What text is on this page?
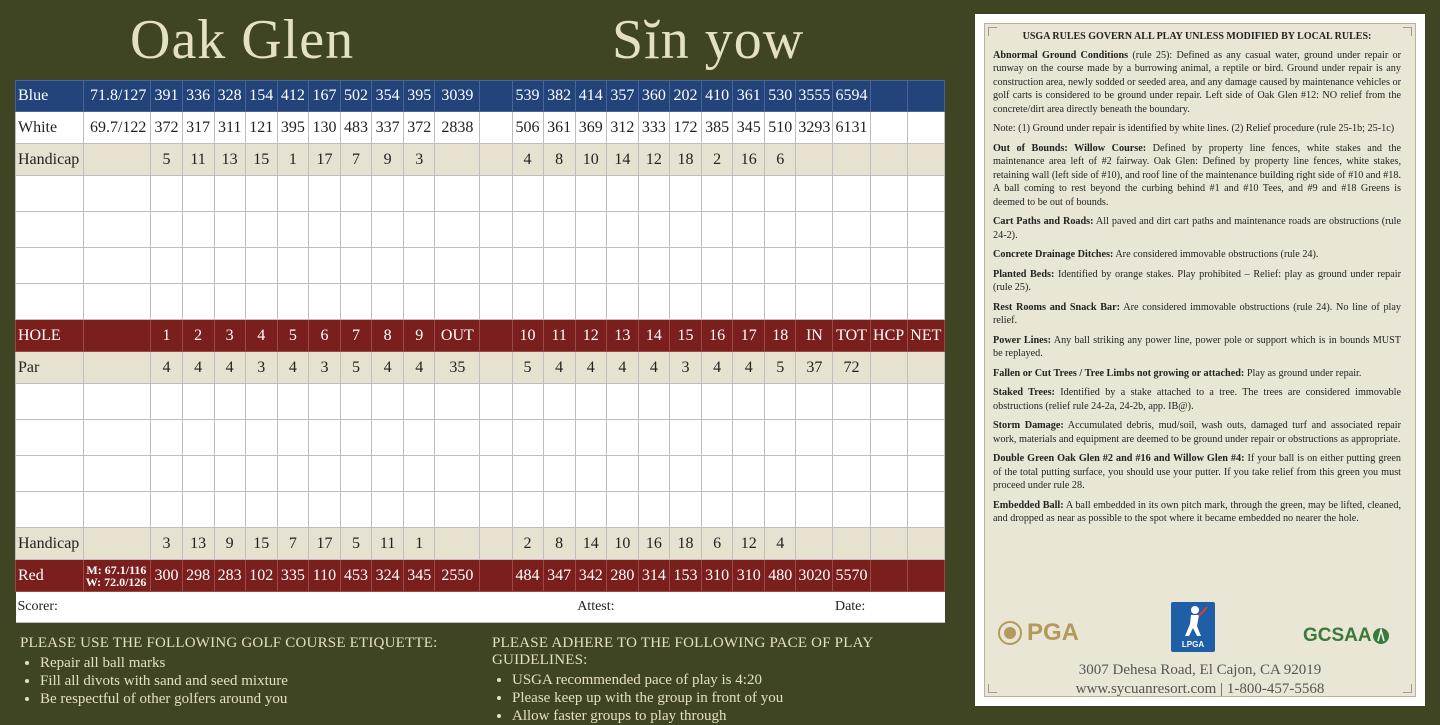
Oak Glen	Sĭn yow
Blue	71.8/127	391	336	328	154	412	167	502	354	395	3039		539	382	414	357	360	202	410	361	530	3555	6594		
White	69.7/122	372	317	311	121	395	130	483	337	372	2838		506	361	369	312	333	172	385	345	510	3293	6131		
Handicap		5	11	13	15	1	17	7	9	3			4	8	10	14	12	18	2	16	6				

HOLE		1	2	3	4	5	6	7	8	9	OUT		10	11	12	13	14	15	16	17	18	IN	TOT	HCP	NET
Par		4	4	4	3	4	3	5	4	4	35		5	4	4	4	4	3	4	4	5	37	72		

Handicap		3	13	9	15	7	17	5	11	1			2	8	14	10	16	18	6	12	4				
Red	M: 67.1/116
W: 72.0/126	300	298	283	102	335	110	453	324	345	2550		484	347	342	280	314	153	310	310	480	3020	5570		
Scorer:															Attest:								Date:		
PLEASE USE THE FOLLOWING GOLF COURSE ETIQUETTE:
• Repair all ball marks
• Fill all divots with sand and seed mixture
• Be respectful of other golfers around you
PLEASE ADHERE TO THE FOLLOWING PACE OF PLAY GUIDELINES:
• USGA recommended pace of play is 4:20
• Please keep up with the group in front of you
• Allow faster groups to play through
USGA RULES GOVERN ALL PLAY UNLESS MODIFIED BY LOCAL RULES:

Abnormal Ground Conditions (rule 25): Defined as any casual water, ground under repair or runway on the course made by a burrowing animal, a reptile or bird. Ground under repair is any construction area, newly sodded or seeded area, and any damage caused by maintenance vehicles or golf carts is considered to be ground under repair. Left side of Oak Glen #12: NO relief from the concrete/dirt area directly beneath the boundary.

Note: (1) Ground under repair is identified by white lines. (2) Relief procedure (rule 25-1b; 25-1c)

Out of Bounds: Willow Course: Defined by property line fences, white stakes and the maintenance area left of #2 fairway. Oak Glen: Defined by property line fences, white stakes, retaining wall (left side of #10), and roof line of the maintenance building right side of #10 and #18. A ball coming to rest beyond the curbing behind #1 and #10 Tees, and #9 and #18 Greens is deemed to be out of bounds.

Cart Paths and Roads: All paved and dirt cart paths and maintenance roads are obstructions (rule 24-2).

Concrete Drainage Ditches: Are considered immovable obstructions (rule 24).

Planted Beds: Identified by orange stakes. Play prohibited – Relief: play as ground under repair (rule 25).

Rest Rooms and Snack Bar: Are considered immovable obstructions (rule 24). No line of play relief.

Power Lines: Any ball striking any power line, power pole or support which is in bounds MUST be replayed.

Fallen or Cut Trees / Tree Limbs not growing or attached: Play as ground under repair.

Staked Trees: Identified by a stake attached to a tree. The trees are considered immovable obstructions (relief rule 24-2a, 24-2b, app. IB@).

Storm Damage: Accumulated debris, mud/soil, wash outs, damaged turf and associated repair work, materials and equipment are deemed to be ground under repair or obstructions as appropriate.

Double Green Oak Glen #2 and #16 and Willow Glen #4: If your ball is on either putting green of the total putting surface, you should use your putter. If you take relief from this green you must proceed under rule 28.

Embedded Ball: A ball embedded in its own pitch mark, through the green, may be lifted, cleaned, and dropped as near as possible to the spot where it became embedded no nearer the hole.

PGA	LPGA	GCSAA
3007 Dehesa Road, El Cajon, CA 92019
www.sycuanresort.com | 1-800-457-5568
